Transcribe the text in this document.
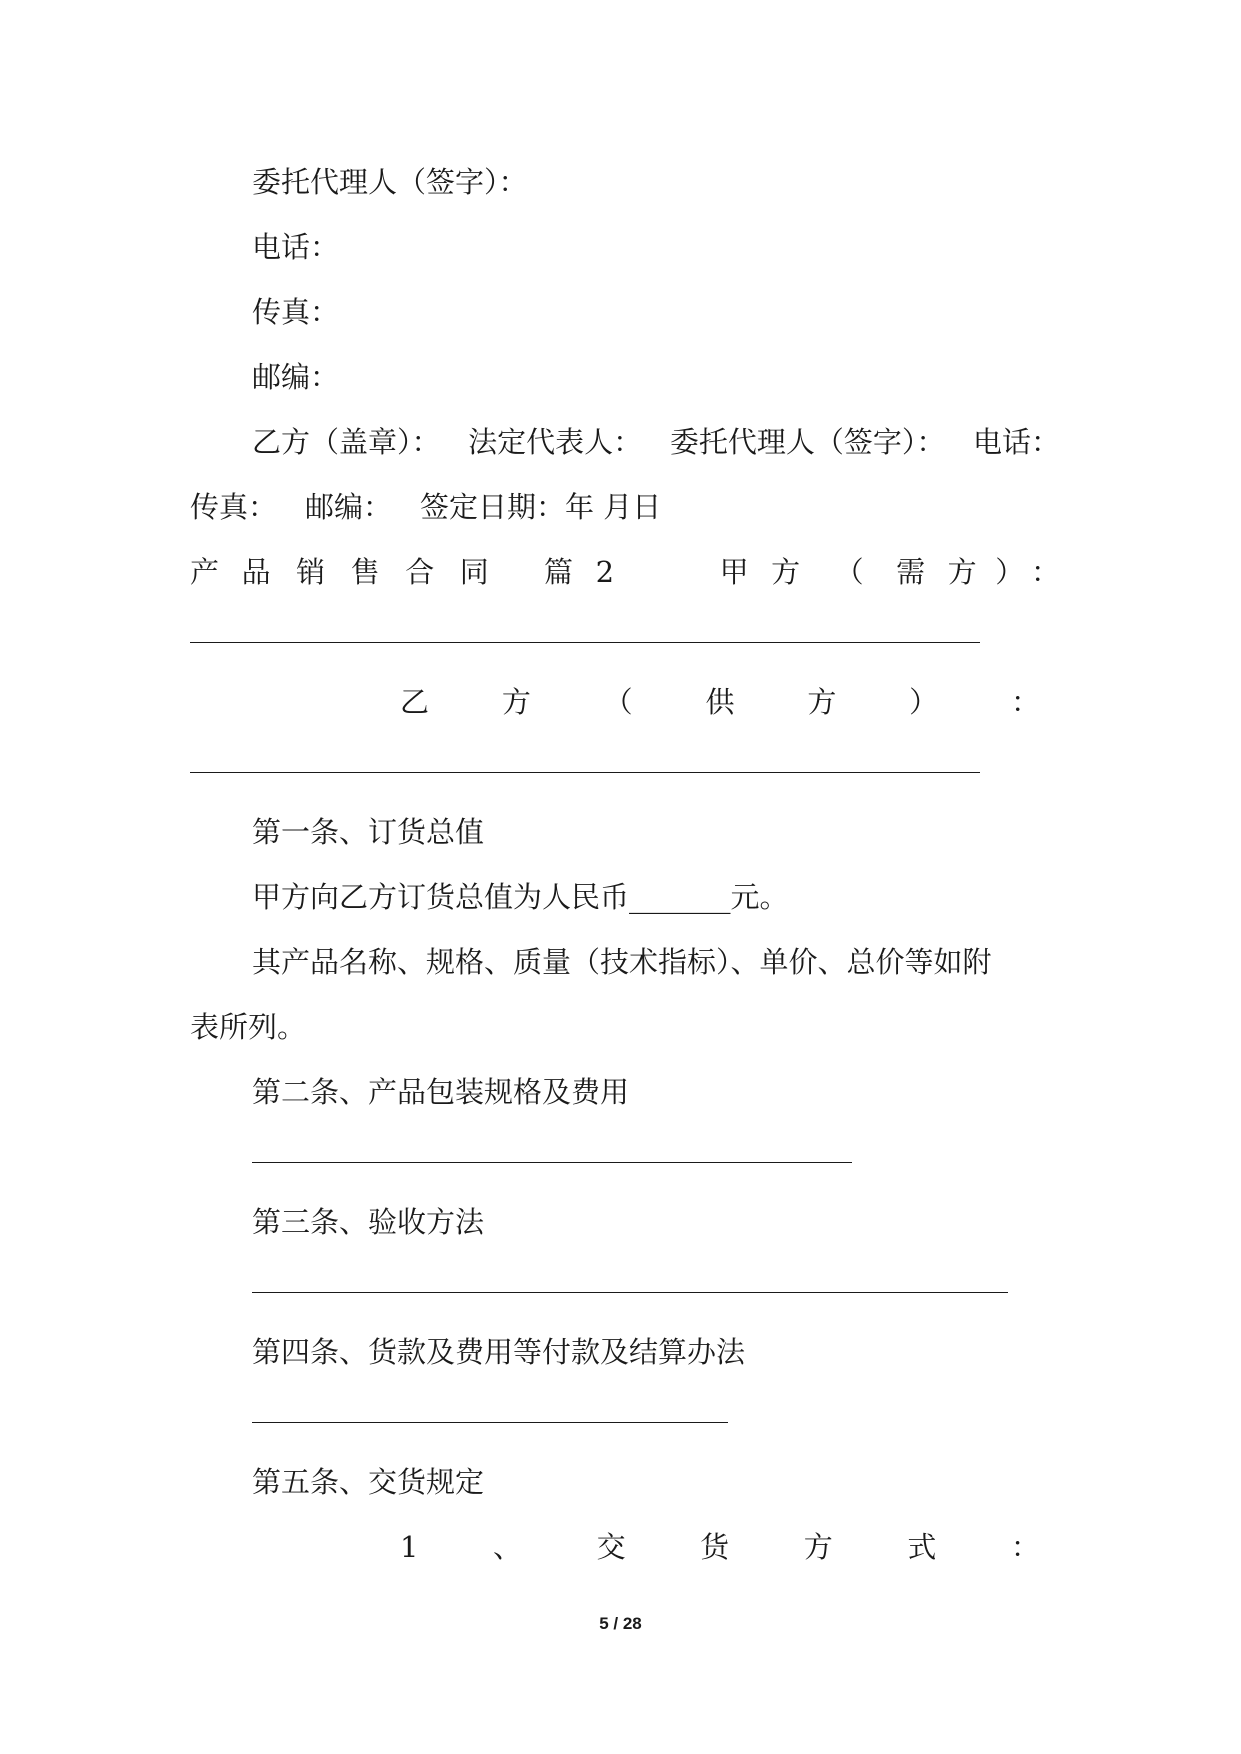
委托代理人（签字）：
电话：
传真：
邮编：
乙方（盖章）： 法定代表人： 委托代理人（签字）： 电话：
传真： 邮编： 签定日期：年 月日
产 品 销 售 合 同	篇 2	甲 方	（	需 方 ） ：
乙	方	（	供	方	）	：
第一条、订货总值
甲方向乙方订货总值为人民币_______元。
其产品名称、规格、质量（技术指标）、单价、总价等如附
表所列。
第二条、产品包装规格及费用
第三条、验收方法
第四条、货款及费用等付款及结算办法
第五条、交货规定
1	、	交	货	方	式	：
5 / 28
